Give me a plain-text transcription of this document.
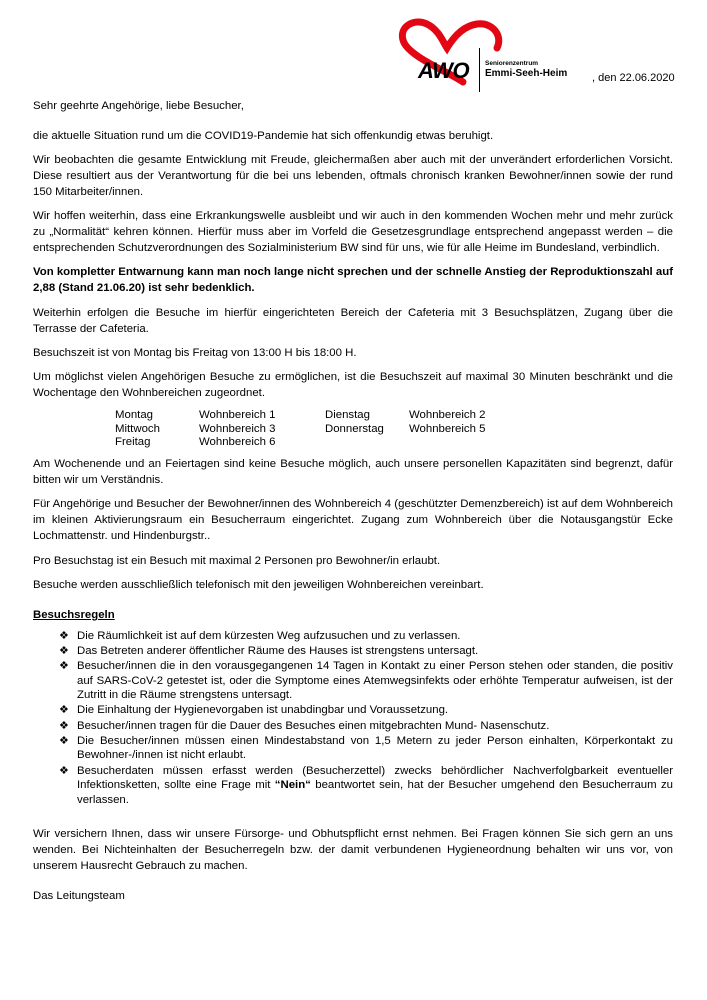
AWO Seniorenzentrum
Emmi-Seeh-Heim , den 22.06.2020

Sehr geehrte Angehörige, liebe Besucher,

die aktuelle Situation rund um die COVID19-Pandemie hat sich offenkundig etwas beruhigt.

Wir beobachten die gesamte Entwicklung mit Freude, gleichermaßen aber auch mit der unverändert erforderlichen Vorsicht. Diese resultiert aus der Verantwortung für die bei uns lebenden, oftmals chronisch kranken Bewohner/innen sowie der rund 150 Mitarbeiter/innen.

Wir hoffen weiterhin, dass eine Erkrankungswelle ausbleibt und wir auch in den kommenden Wochen mehr und mehr zurück zu „Normalität“ kehren können. Hierfür muss aber im Vorfeld die Gesetzesgrundlage entsprechend angepasst werden – die entsprechenden Schutzverordnungen des Sozialministerium BW sind für uns, wie für alle Heime im Bundesland, verbindlich.

Von kompletter Entwarnung kann man noch lange nicht sprechen und der schnelle Anstieg der Reproduktionszahl auf 2,88 (Stand 21.06.20) ist sehr bedenklich.

Weiterhin erfolgen die Besuche im hierfür eingerichteten Bereich der Cafeteria mit 3 Besuchsplätzen, Zugang über die Terrasse der Cafeteria.

Besuchszeit ist von Montag bis Freitag von 13:00 H bis 18:00 H.

Um möglichst vielen Angehörigen Besuche zu ermöglichen, ist die Besuchszeit auf maximal 30 Minuten beschränkt und die Wochentage den Wohnbereichen zugeordnet.

Montag	Wohnbereich 1	Dienstag	Wohnbereich 2
Mittwoch	Wohnbereich 3	Donnerstag	Wohnbereich 5
Freitag	Wohnbereich 6		

Am Wochenende und an Feiertagen sind keine Besuche möglich, auch unsere personellen Kapazitäten sind begrenzt, dafür bitten wir um Verständnis.

Für Angehörige und Besucher der Bewohner/innen des Wohnbereich 4 (geschützter Demenzbereich) ist auf dem Wohnbereich im kleinen Aktivierungsraum ein Besucherraum eingerichtet. Zugang zum Wohnbereich über die Notausgangstür Ecke Lochmattenstr. und Hindenburgstr..

Pro Besuchstag ist ein Besuch mit maximal 2 Personen pro Bewohner/in erlaubt.

Besuche werden ausschließlich telefonisch mit den jeweiligen Wohnbereichen vereinbart.

Besuchsregeln
❖ Die Räumlichkeit ist auf dem kürzesten Weg aufzusuchen und zu verlassen.
❖ Das Betreten anderer öffentlicher Räume des Hauses ist strengstens untersagt.
❖ Besucher/innen die in den vorausgegangenen 14 Tagen in Kontakt zu einer Person stehen oder standen, die positiv auf SARS-CoV-2 getestet ist, oder die Symptome eines Atemwegsinfekts oder erhöhte Temperatur aufweisen, ist der Zutritt in die Räume strengstens untersagt.
❖ Die Einhaltung der Hygienevorgaben ist unabdingbar und Voraussetzung.
❖ Besucher/innen tragen für die Dauer des Besuches einen mitgebrachten Mund- Nasenschutz.
❖ Die Besucher/innen müssen einen Mindestabstand von 1,5 Metern zu jeder Person einhalten, Körperkontakt zu Bewohner-/innen ist nicht erlaubt.
❖ Besucherdaten müssen erfasst werden (Besucherzettel) zwecks behördlicher Nachverfolgbarkeit eventueller Infektionsketten, sollte eine Frage mit “Nein“ beantwortet sein, hat der Besucher umgehend den Besucherraum zu verlassen.

Wir versichern Ihnen, dass wir unsere Fürsorge- und Obhutspflicht ernst nehmen. Bei Fragen können Sie sich gern an uns wenden. Bei Nichteinhalten der Besucherregeln bzw. der damit verbundenen Hygieneordnung behalten wir uns vor, von unserem Hausrecht Gebrauch zu machen.

Das Leitungsteam
